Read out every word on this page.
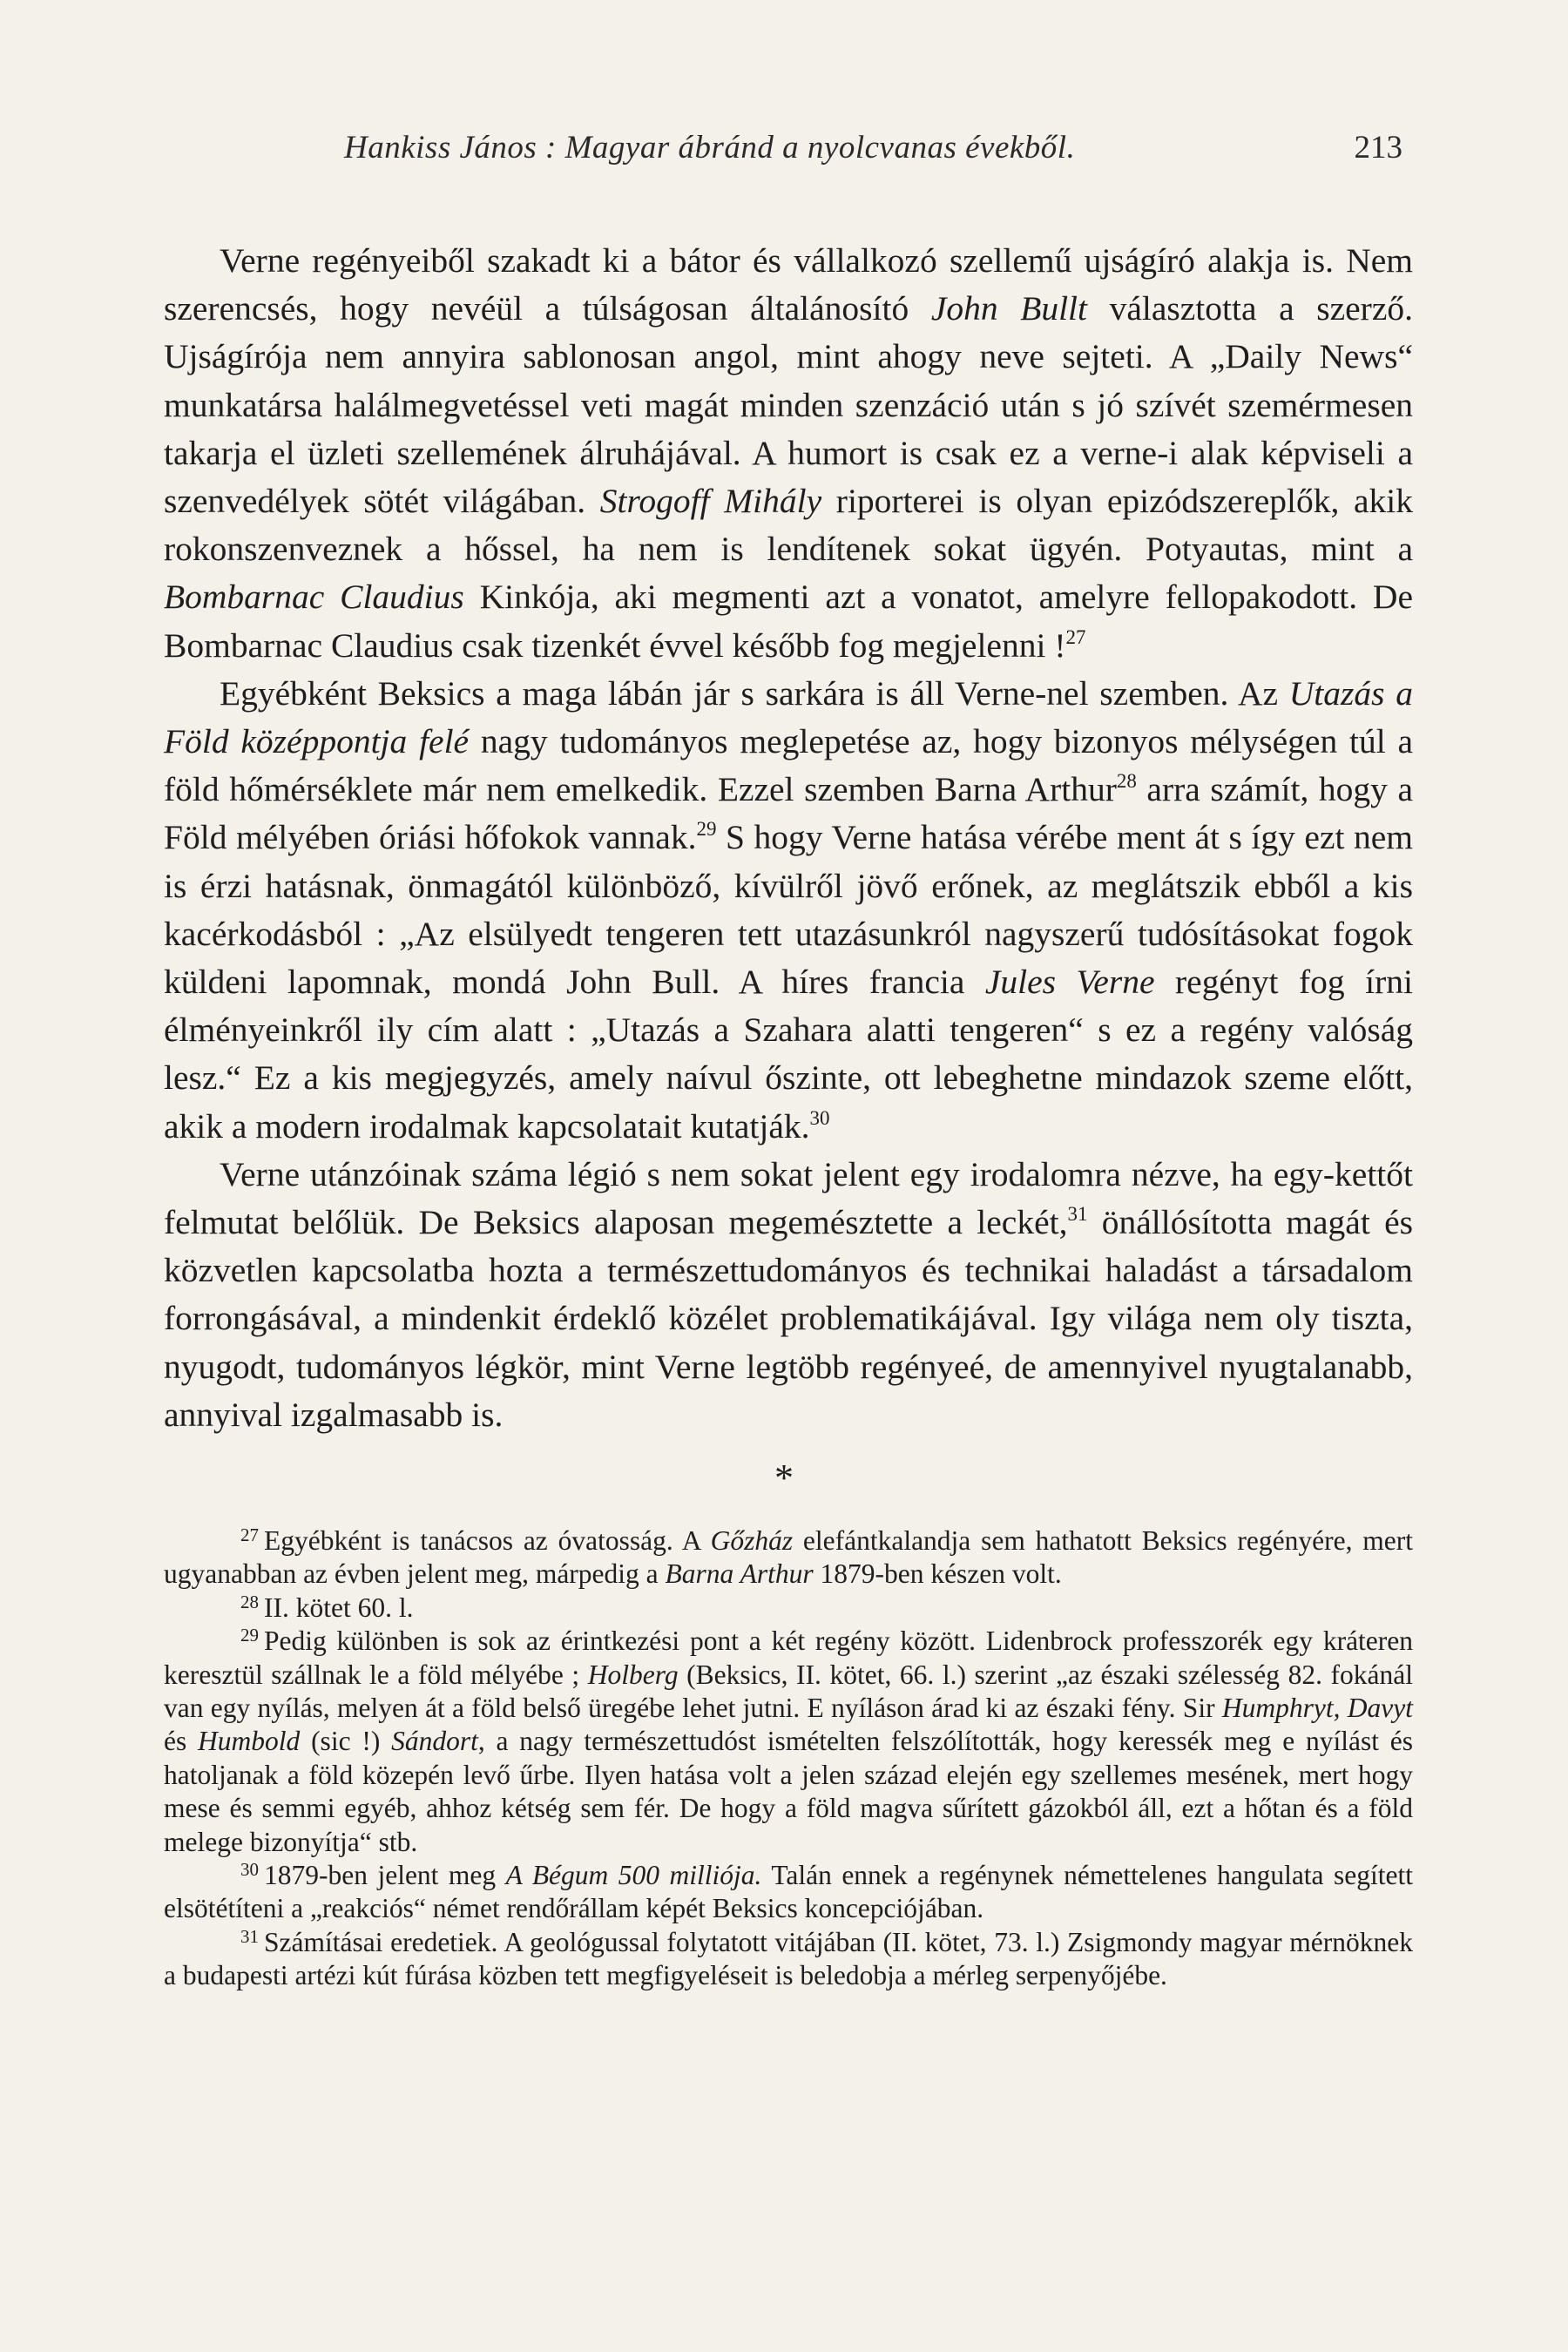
Hankiss János : Magyar ábránd a nyolcvanas évekből.	213

Verne regényeiből szakadt ki a bátor és vállalkozó szellemű ujságíró alakja is. Nem szerencsés, hogy nevéül a túlságosan általánosító John Bullt választotta a szerző. Ujságírója nem annyira sablonosan angol, mint ahogy neve sejteti. A „Daily News“ munkatársa halálmegvetéssel veti magát minden szenzáció után s jó szívét szemérmesen takarja el üzleti szellemének álruhájával. A humort is csak ez a verne-i alak képviseli a szenvedélyek sötét világában. Strogoff Mihály riporterei is olyan epizódszereplők, akik rokonszenveznek a hőssel, ha nem is lendítenek sokat ügyén. Potyautas, mint a Bombarnac Claudius Kinkója, aki megmenti azt a vonatot, amelyre fellopakodott. De Bombarnac Claudius csak tizenkét évvel később fog megjelenni !$^{27}$

Egyébként Beksics a maga lábán jár s sarkára is áll Verne-nel szemben. Az Utazás a Föld középpontja felé nagy tudományos meglepetése az, hogy bizonyos mélységen túl a föld hőmérséklete már nem emelkedik. Ezzel szemben Barna Arthur$^{28}$ arra számít, hogy a Föld mélyében óriási hőfokok vannak.$^{29}$ S hogy Verne hatása vérébe ment át s így ezt nem is érzi hatásnak, önmagától különböző, kívülről jövő erőnek, az meglátszik ebből a kis kacérkodásból : „Az elsülyedt tengeren tett utazásunkról nagyszerű tudósításokat fogok küldeni lapomnak, mondá John Bull. A híres francia Jules Verne regényt fog írni élményeinkről ily cím alatt : „Utazás a Szahara alatti tengeren“ s ez a regény valóság lesz.“ Ez a kis megjegyzés, amely naívul őszinte, ott lebeghetne mindazok szeme előtt, akik a modern irodalmak kapcsolatait kutatják.$^{30}$

Verne utánzóinak száma légió s nem sokat jelent egy irodalomra nézve, ha egy-kettőt felmutat belőlük. De Beksics alaposan megemésztette a leckét,$^{31}$ önállósította magát és közvetlen kapcsolatba hozta a természettudományos és technikai haladást a társadalom forrongásával, a mindenkit érdeklő közélet problematikájával. Igy világa nem oly tiszta, nyugodt, tudományos légkör, mint Verne legtöbb regényeé, de amennyivel nyugtalanabb, annyival izgalmasabb is.

*

$^{27}$ Egyébként is tanácsos az óvatosság. A Gőzház elefántkalandja sem hathatott Beksics regényére, mert ugyanabban az évben jelent meg, márpedig a Barna Arthur 1879-ben készen volt.

$^{28}$ II. kötet 60. l.

$^{29}$ Pedig különben is sok az érintkezési pont a két regény között. Lidenbrock professzorék egy kráteren keresztül szállnak le a föld mélyébe ; Holberg (Beksics, II. kötet, 66. l.) szerint „az északi szélesség 82. fokánál van egy nyílás, melyen át a föld belső üregébe lehet jutni. E nyíláson árad ki az északi fény. Sir Humphryt, Davyt és Humbold (sic !) Sándort, a nagy természettudóst ismételten felszólították, hogy keressék meg e nyílást és hatoljanak a föld közepén levő űrbe. Ilyen hatása volt a jelen század elején egy szellemes mesének, mert hogy mese és semmi egyéb, ahhoz kétség sem fér. De hogy a föld magva sűrített gázokból áll, ezt a hőtan és a föld melege bizonyítja“ stb.

$^{30}$ 1879-ben jelent meg A Bégum 500 milliója. Talán ennek a regénynek némettelenes hangulata segített elsötétíteni a „reakciós“ német rendőrállam képét Beksics koncepciójában.

$^{31}$ Számításai eredetiek. A geológussal folytatott vitájában (II. kötet, 73. l.) Zsigmondy magyar mérnöknek a budapesti artézi kút fúrása közben tett megfigyeléseit is beledobja a mérleg serpenyőjébe.
